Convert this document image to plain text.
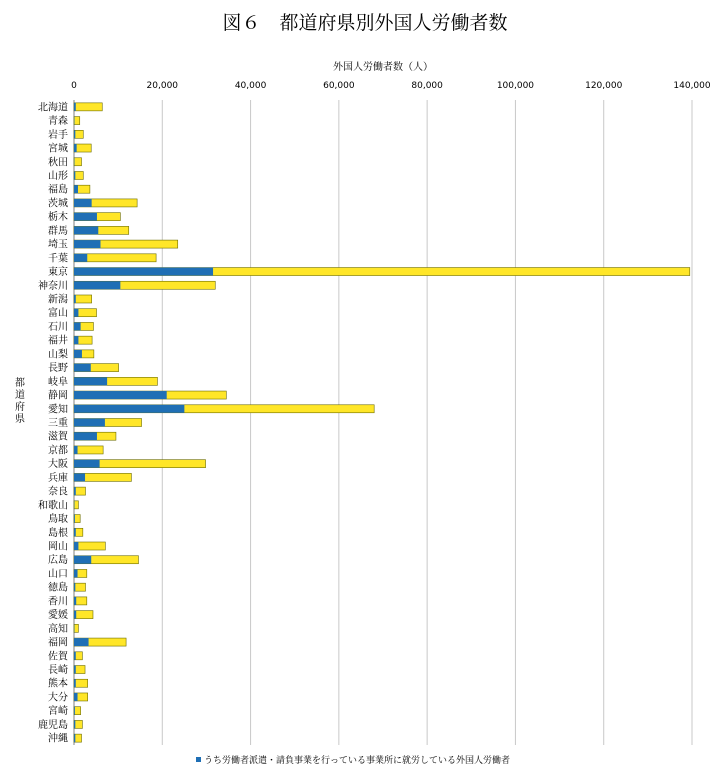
図６　都道府県別外国人労働者数
外国人労働者数（人）
都道府県
0	20,000	40,000	60,000	80,000	100,000	120,000	140,000
北海道
青森
岩手
宮城
秋田
山形
福島
茨城
栃木
群馬
埼玉
千葉
東京
神奈川
新潟
富山
石川
福井
山梨
長野
岐阜
静岡
愛知
三重
滋賀
京都
大阪
兵庫
奈良
和歌山
鳥取
島根
岡山
広島
山口
徳島
香川
愛媛
高知
福岡
佐賀
長崎
熊本
大分
宮崎
鹿児島
沖縄
うち労働者派遣・請負事業を行っている事業所に就労している外国人労働者
